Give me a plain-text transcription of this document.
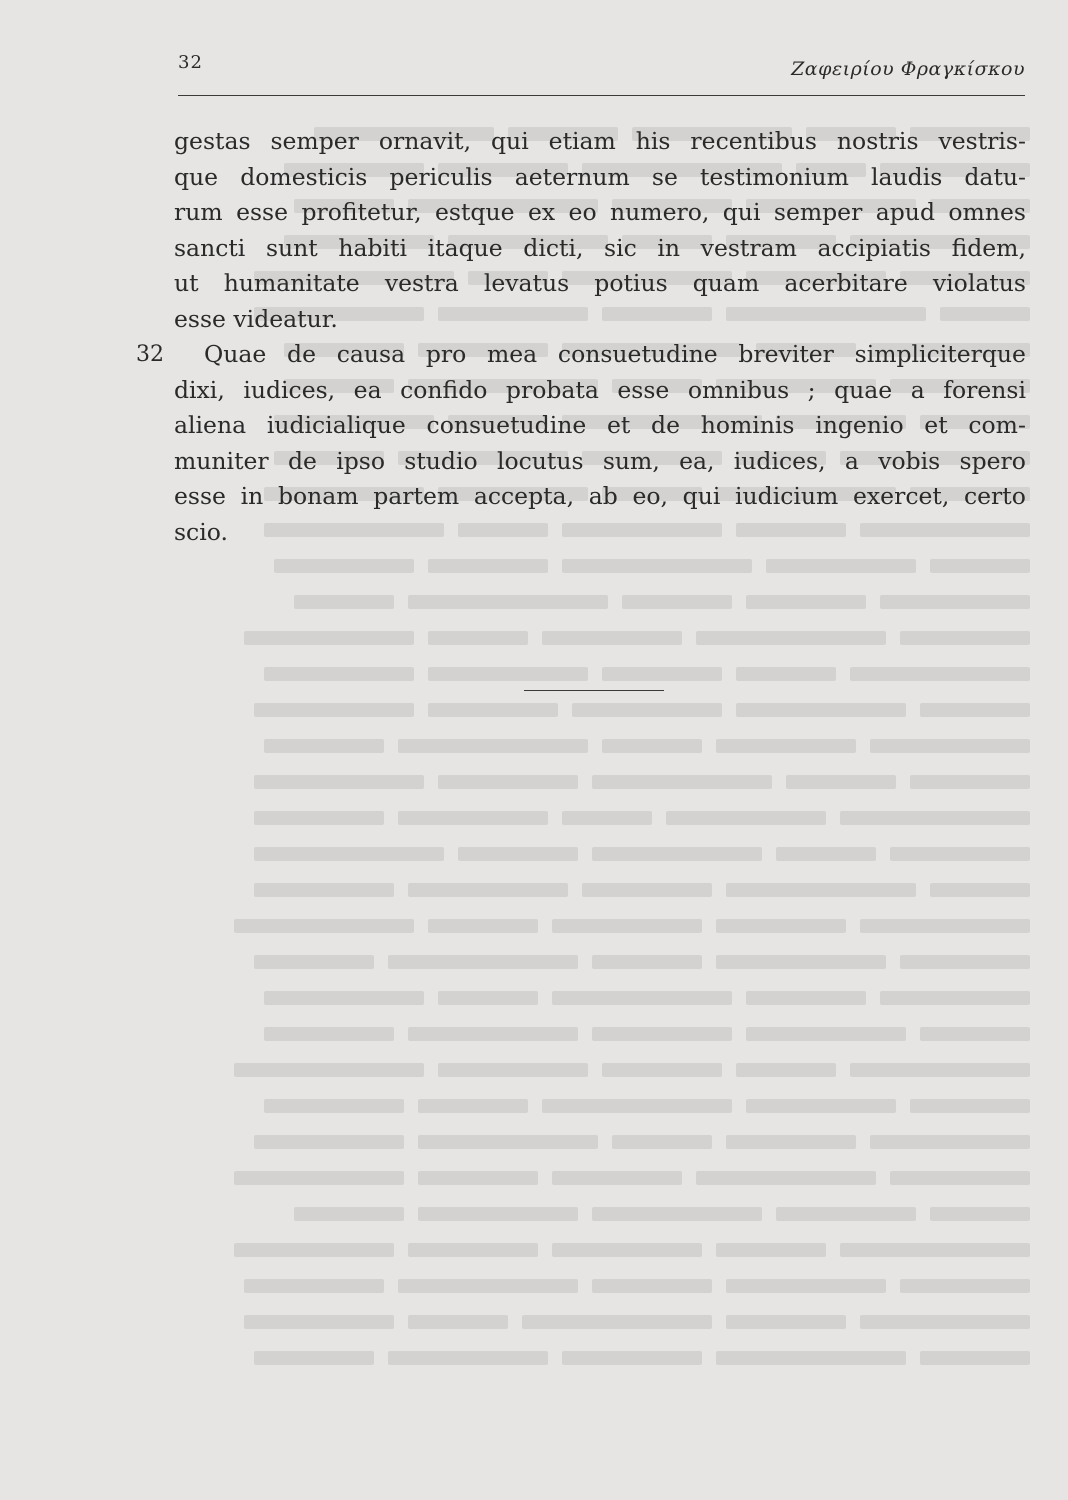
32	Ζαφειρίου Φραγκίσκου
32
gestas semper ornavit, qui etiam his recentibus nostris vestris-
que domesticis periculis aeternum se testimonium laudis datu-
rum esse profitetur, estque ex eo numero, qui semper apud omnes
sancti sunt habiti itaque dicti, sic in vestram accipiatis fidem,
ut humanitate vestra levatus potius quam acerbitare violatus
esse videatur.
Quae de causa pro mea consuetudine breviter simpliciterque
dixi, iudices, ea confido probata esse omnibus ; quae a forensi
aliena iudicialique consuetudine et de hominis ingenio et com-
muniter de ipso studio locutus sum, ea, iudices, a vobis spero
esse in bonam partem accepta, ab eo, qui iudicium exercet, certo
scio.
